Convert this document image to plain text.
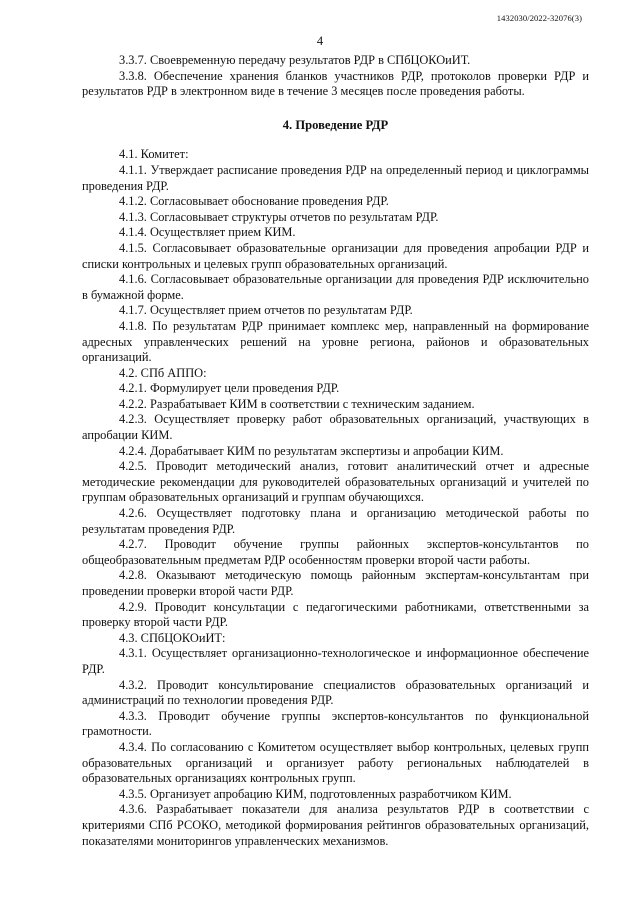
1432030/2022-32076(3)
4

3.3.7. Своевременную передачу результатов РДР в СПбЦОКОиИТ.

3.3.8. Обеспечение хранения бланков участников РДР, протоколов проверки РДР и результатов РДР в электронном виде в течение 3 месяцев после проведения работы.

4. Проведение РДР

4.1. Комитет:

4.1.1. Утверждает расписание проведения РДР на определенный период и циклограммы проведения РДР.

4.1.2. Согласовывает обоснование проведения РДР.

4.1.3. Согласовывает структуры отчетов по результатам РДР.

4.1.4. Осуществляет прием КИМ.

4.1.5. Согласовывает образовательные организации для проведения апробации РДР и списки контрольных и целевых групп образовательных организаций.

4.1.6. Согласовывает образовательные организации для проведения РДР исключительно в бумажной форме.

4.1.7. Осуществляет прием отчетов по результатам РДР.

4.1.8. По результатам РДР принимает комплекс мер, направленный на формирование адресных управленческих решений на уровне региона, районов и образовательных организаций.

4.2. СПб АППО:

4.2.1. Формулирует цели проведения РДР.

4.2.2. Разрабатывает КИМ в соответствии с техническим заданием.

4.2.3. Осуществляет проверку работ образовательных организаций, участвующих в апробации КИМ.

4.2.4. Дорабатывает КИМ по результатам экспертизы и апробации КИМ.

4.2.5. Проводит методический анализ, готовит аналитический отчет и адресные методические рекомендации для руководителей образовательных организаций и учителей по группам образовательных организаций и группам обучающихся.

4.2.6. Осуществляет подготовку плана и организацию методической работы по результатам проведения РДР.

4.2.7. Проводит обучение группы районных экспертов-консультантов по общеобразовательным предметам РДР особенностям проверки второй части работы.

4.2.8. Оказывают методическую помощь районным экспертам-консультантам при проведении проверки второй части РДР.

4.2.9. Проводит консультации с педагогическими работниками, ответственными за проверку второй части РДР.

4.3. СПбЦОКОиИТ:

4.3.1. Осуществляет организационно-технологическое и информационное обеспечение РДР.

4.3.2. Проводит консультирование специалистов образовательных организаций и администраций по технологии проведения РДР.

4.3.3. Проводит обучение группы экспертов-консультантов по функциональной грамотности.

4.3.4. По согласованию с Комитетом осуществляет выбор контрольных, целевых групп образовательных организаций и организует работу региональных наблюдателей в образовательных организациях контрольных групп.

4.3.5. Организует апробацию КИМ, подготовленных разработчиком КИМ.

4.3.6. Разрабатывает показатели для анализа результатов РДР в соответствии с критериями СПб РСОКО, методикой формирования рейтингов образовательных организаций, показателями мониторингов управленческих механизмов.
